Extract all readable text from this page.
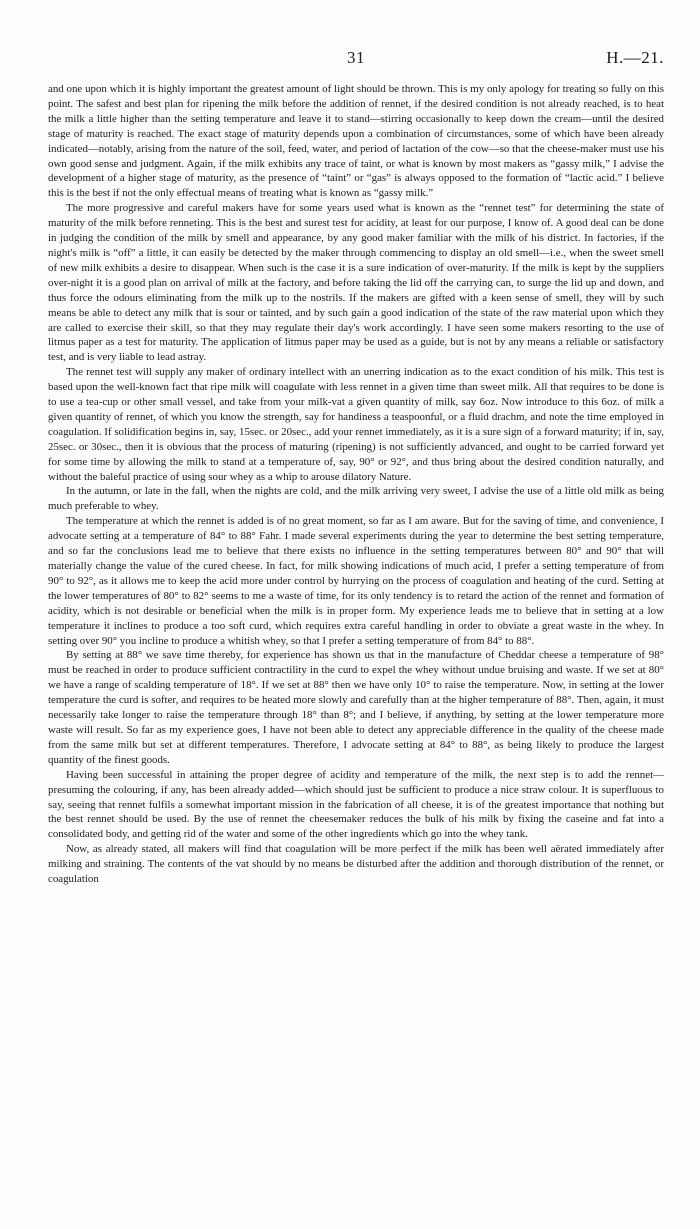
31	H.—21.

and one upon which it is highly important the greatest amount of light should be thrown. This is my only apology for treating so fully on this point. The safest and best plan for ripening the milk before the addition of rennet, if the desired condition is not already reached, is to heat the milk a little higher than the setting temperature and leave it to stand—stirring occasionally to keep down the cream—until the desired stage of maturity is reached. The exact stage of maturity depends upon a combination of circumstances, some of which have been already indicated—notably, arising from the nature of the soil, feed, water, and period of lactation of the cow—so that the cheese-maker must use his own good sense and judgment. Again, if the milk exhibits any trace of taint, or what is known by most makers as “gassy milk,” I advise the development of a higher stage of maturity, as the presence of “taint” or “gas” is always opposed to the formation of “lactic acid.” I believe this is the best if not the only effectual means of treating what is known as “gassy milk.”

The more progressive and careful makers have for some years used what is known as the “rennet test” for determining the state of maturity of the milk before renneting. This is the best and surest test for acidity, at least for our purpose, I know of. A good deal can be done in judging the condition of the milk by smell and appearance, by any good maker familiar with the milk of his district. In factories, if the night's milk is “off” a little, it can easily be detected by the maker through commencing to display an old smell—i.e., when the sweet smell of new milk exhibits a desire to disappear. When such is the case it is a sure indication of over-maturity. If the milk is kept by the suppliers over-night it is a good plan on arrival of milk at the factory, and before taking the lid off the carrying can, to surge the lid up and down, and thus force the odours eliminating from the milk up to the nostrils. If the makers are gifted with a keen sense of smell, they will by such means be able to detect any milk that is sour or tainted, and by such gain a good indication of the state of the raw material upon which they are called to exercise their skill, so that they may regulate their day's work accordingly. I have seen some makers resorting to the use of litmus paper as a test for maturity. The application of litmus paper may be used as a guide, but is not by any means a reliable or satisfactory test, and is very liable to lead astray.

The rennet test will supply any maker of ordinary intellect with an unerring indication as to the exact condition of his milk. This test is based upon the well-known fact that ripe milk will coagulate with less rennet in a given time than sweet milk. All that requires to be done is to use a tea-cup or other small vessel, and take from your milk-vat a given quantity of milk, say 6oz. Now introduce to this 6oz. of milk a given quantity of rennet, of which you know the strength, say for handiness a teaspoonful, or a fluid drachm, and note the time employed in coagulation. If solidification begins in, say, 15sec. or 20sec., add your rennet immediately, as it is a sure sign of a forward maturity; if in, say, 25sec. or 30sec., then it is obvious that the process of maturing (ripening) is not sufficiently advanced, and ought to be carried forward yet for some time by allowing the milk to stand at a temperature of, say, 90° or 92°, and thus bring about the desired condition naturally, and without the baleful practice of using sour whey as a whip to arouse dilatory Nature.

In the autumn, or late in the fall, when the nights are cold, and the milk arriving very sweet, I advise the use of a little old milk as being much preferable to whey.

The temperature at which the rennet is added is of no great moment, so far as I am aware. But for the saving of time, and convenience, I advocate setting at a temperature of 84° to 88° Fahr. I made several experiments during the year to determine the best setting temperature, and so far the conclusions lead me to believe that there exists no influence in the setting temperatures between 80° and 90° that will materially change the value of the cured cheese. In fact, for milk showing indications of much acid, I prefer a setting temperature of from 90° to 92°, as it allows me to keep the acid more under control by hurrying on the process of coagulation and heating of the curd. Setting at the lower temperatures of 80° to 82° seems to me a waste of time, for its only tendency is to retard the action of the rennet and formation of acidity, which is not desirable or beneficial when the milk is in proper form. My experience leads me to believe that in setting at a low temperature it inclines to produce a too soft curd, which requires extra careful handling in order to obviate a great waste in the whey. In setting over 90° you incline to produce a whitish whey, so that I prefer a setting temperature of from 84° to 88°.

By setting at 88° we save time thereby, for experience has shown us that in the manufacture of Cheddar cheese a temperature of 98° must be reached in order to produce sufficient contractility in the curd to expel the whey without undue bruising and waste. If we set at 80° we have a range of scalding temperature of 18°. If we set at 88° then we have only 10° to raise the temperature. Now, in setting at the lower temperature the curd is softer, and requires to be heated more slowly and carefully than at the higher temperature of 88°. Then, again, it must necessarily take longer to raise the temperature through 18° than 8°; and I believe, if anything, by setting at the lower temperature more waste will result. So far as my experience goes, I have not been able to detect any appreciable difference in the quality of the cheese made from the same milk but set at different temperatures. Therefore, I advocate setting at 84° to 88°, as being likely to produce the largest quantity of the finest goods.

Having been successful in attaining the proper degree of acidity and temperature of the milk, the next step is to add the rennet—presuming the colouring, if any, has been already added—which should just be sufficient to produce a nice straw colour. It is superfluous to say, seeing that rennet fulfils a somewhat important mission in the fabrication of all cheese, it is of the greatest importance that nothing but the best rennet should be used. By the use of rennet the cheesemaker reduces the bulk of his milk by fixing the caseine and fat into a consolidated body, and getting rid of the water and some of the other ingredients which go into the whey tank.

Now, as already stated, all makers will find that coagulation will be more perfect if the milk has been well aërated immediately after milking and straining. The contents of the vat should by no means be disturbed after the addition and thorough distribution of the rennet, or coagulation
